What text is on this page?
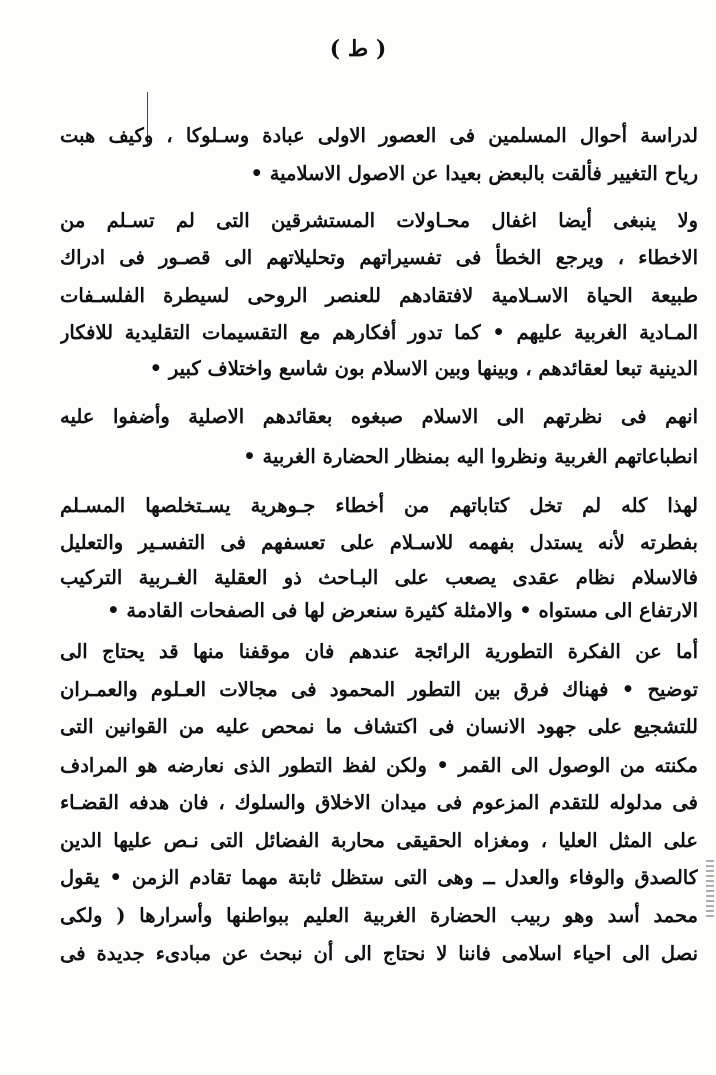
( ط )
لدراسة أحوال المسلمين فى العصور الاولى عبادة وسـلوكا ، وكيف هبت
رياح التغيير فألقت بالبعض بعيدا عن الاصول الاسلامية •
ولا ينبغى أيضا اغفال محـاولات المستشرقين التى لم تسـلم من
الاخطاء ، ويرجع الخطأ فى تفسيراتهم وتحليلاتهم الى قصـور فى ادراك
طبيعة الحياة الاسـلامية لافتقادهم للعنصر الروحى لسيطرة الفلسـفات
المـادية الغربية عليهم • كما تدور أفكارهم مع التقسيمات التقليدية للافكار
الدينية تبعا لعقائدهم ، وبينها وبين الاسلام بون شاسع واختلاف كبير •
انهم فى نظرتهم الى الاسلام صبغوه بعقائدهم الاصلية وأضفوا عليه
انطباعاتهم الغربية ونظروا اليه بمنظار الحضارة الغربية •
لهذا كله لم تخل كتاباتهم من أخطاء جـوهرية يسـتخلصها المسـلم
بفطرته لأنه يستدل بفهمه للاسـلام على تعسفهم فى التفسـير والتعليل
فالاسلام نظام عقدى يصعب على البـاحث ذو العقلية الغـربية التركيب
الارتفاع الى مستواه • والامثلة كثيرة سنعرض لها فى الصفحات القادمة •
أما عن الفكرة التطورية الرائجة عندهم فان موقفنا منها قد يحتاج الى
توضيح • فهناك فرق بين التطور المحمود فى مجالات العـلوم والعمـران
للتشجيع على جهود الانسان فى اكتشاف ما نمحص عليه من القوانين التى
مكنته من الوصول الى القمر • ولكن لفظ التطور الذى نعارضه هو المرادف
فى مدلوله للتقدم المزعوم فى ميدان الاخلاق والسلوك ، فان هدفه القضـاء
على المثل العليا ، ومغزاه الحقيقى محاربة الفضائل التى نـص عليها الدين
كالصدق والوفاء والعدل ــ وهى التى ستظل ثابتة مهما تقادم الزمن • يقول
محمد أسد وهو ربيب الحضارة الغربية العليم ببواطنها وأسرارها ( ولكى
نصل الى احياء اسلامى فاننا لا نحتاج الى أن نبحث عن مبادىء جديدة فى
